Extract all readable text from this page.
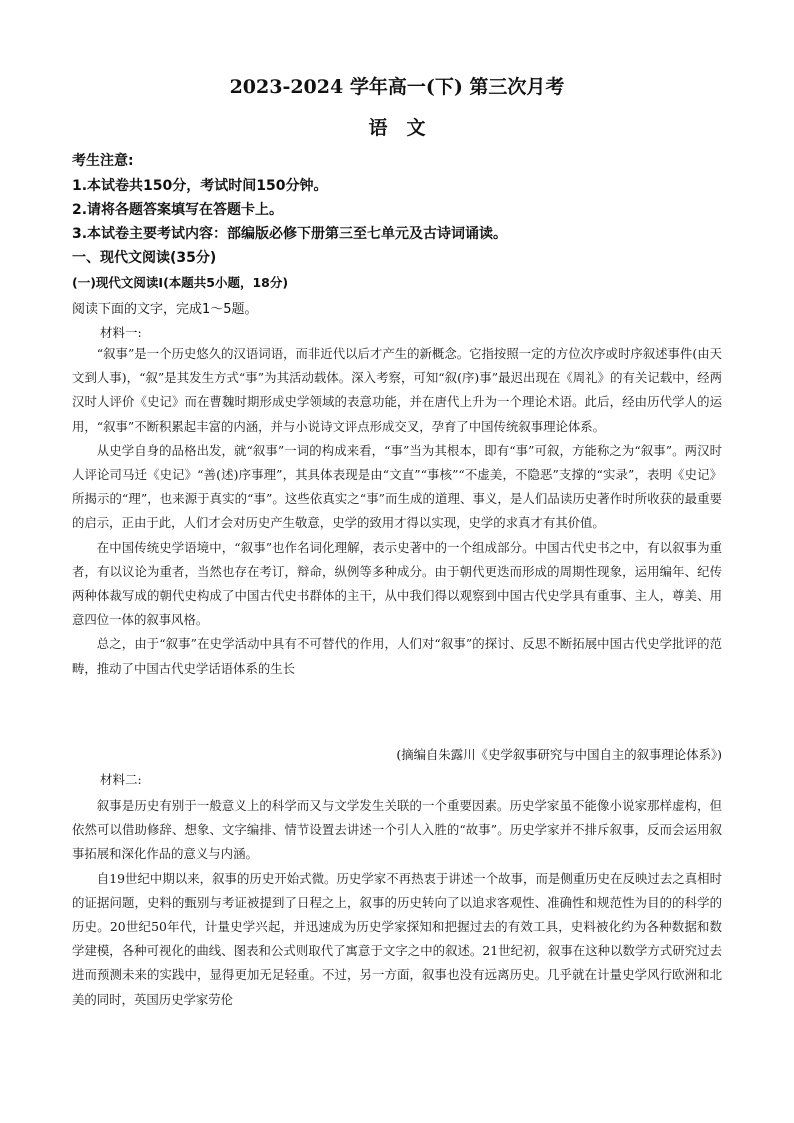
2023-2024 学年高一(下) 第三次月考
语　文
考生注意:
1.本试卷共150分，考试时间150分钟。
2.请将各题答案填写在答题卡上。
3.本试卷主要考试内容：部编版必修下册第三至七单元及古诗词诵读。
一、现代文阅读(35分)
(一)现代文阅读Ⅰ(本题共5小题，18分)
阅读下面的文字，完成1～5题。
材料一:

“叙事”是一个历史悠久的汉语词语，而非近代以后才产生的新概念。它指按照一定的方位次序或时序叙述事件(由天文到人事)，“叙”是其发生方式“事”为其活动载体。深入考察，可知“叙(序)事”最迟出现在《周礼》的有关记载中，经两汉时人评价《史记》而在曹魏时期形成史学领域的表意功能，并在唐代上升为一个理论术语。此后，经由历代学人的运用，“叙事”不断积累起丰富的内涵，并与小说诗文评点形成交叉，孕育了中国传统叙事理论体系。

从史学自身的品格出发，就“叙事”一词的构成来看，“事”当为其根本，即有“事”可叙，方能称之为“叙事”。两汉时人评论司马迁《史记》“善(述)序事理”，其具体表现是由“文直”“事核”“不虚美，不隐恶”支撑的“实录”，表明《史记》所揭示的“理”，也来源于真实的“事”。这些依真实之“事”而生成的道理、事义，是人们品读历史著作时所收获的最重要的启示，正由于此，人们才会对历史产生敬意，史学的致用才得以实现，史学的求真才有其价值。

在中国传统史学语境中，“叙事”也作名词化理解，表示史著中的一个组成部分。中国古代史书之中，有以叙事为重者，有以议论为重者，当然也存在考订，辩命，纵例等多种成分。由于朝代更迭而形成的周期性现象，运用编年、纪传两种体裁写成的朝代史构成了中国古代史书群体的主干，从中我们得以观察到中国古代史学具有重事、主人，尊美、用意四位一体的叙事风格。

总之，由于“叙事”在史学活动中具有不可替代的作用，人们对“叙事”的探讨、反思不断拓展中国古代史学批评的范畴，推动了中国古代史学话语体系的生长

(摘编自朱露川《史学叙事研究与中国自主的叙事理论体系》)
材料二:

叙事是历史有别于一般意义上的科学而又与文学发生关联的一个重要因素。历史学家虽不能像小说家那样虚构，但依然可以借助修辞、想象、文字编排、情节设置去讲述一个引人入胜的“故事”。历史学家并不排斥叙事，反而会运用叙事拓展和深化作品的意义与内涵。

自19世纪中期以来，叙事的历史开始式微。历史学家不再热衷于讲述一个故事，而是侧重历史在反映过去之真相时的证据问题，史料的甄别与考证被提到了日程之上，叙事的历史转向了以追求客观性、准确性和规范性为目的的科学的历史。20世纪50年代，计量史学兴起，并迅速成为历史学家探知和把握过去的有效工具，史料被化约为各种数据和数学建模，各种可视化的曲线、图表和公式则取代了寓意于文字之中的叙述。21世纪初，叙事在这种以数学方式研究过去进而预测未来的实践中，显得更加无足轻重。不过，另一方面，叙事也没有远离历史。几乎就在计量史学风行欧洲和北美的同时，英国历史学家劳伦
